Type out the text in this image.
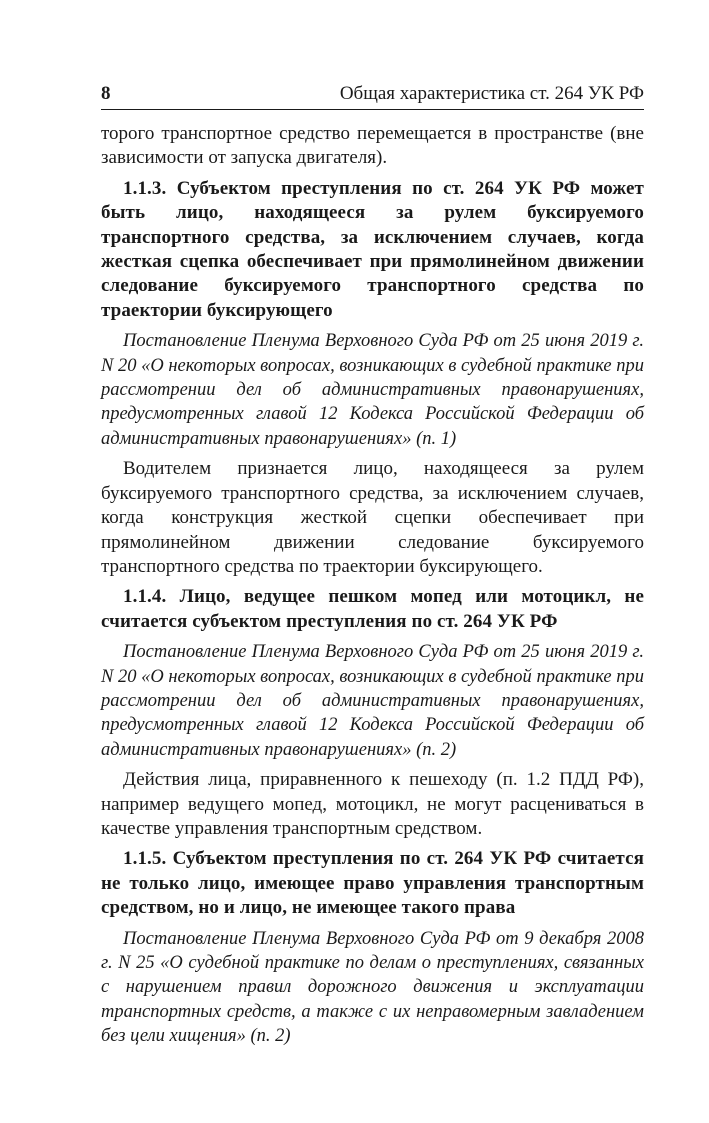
8	Общая характеристика ст. 264 УК РФ

торого транспортное средство перемещается в пространстве (вне зависимости от запуска двигателя).

1.1.3. Субъектом преступления по ст. 264 УК РФ может быть лицо, находящееся за рулем буксируемого транспортного средства, за исключением случаев, когда жесткая сцепка обеспечивает при прямолинейном движении следование буксируемого транспортного средства по траектории буксирующего

Постановление Пленума Верховного Суда РФ от 25 июня 2019 г. N 20 «О некоторых вопросах, возникающих в судебной практике при рассмотрении дел об административных правонарушениях, предусмотренных главой 12 Кодекса Российской Федерации об административных правонарушениях» (п. 1)

Водителем признается лицо, находящееся за рулем буксируемого транспортного средства, за исключением случаев, когда конструкция жесткой сцепки обеспечивает при прямолинейном движении следование буксируемого транспортного средства по траектории буксирующего.

1.1.4. Лицо, ведущее пешком мопед или мотоцикл, не считается субъектом преступления по ст. 264 УК РФ

Постановление Пленума Верховного Суда РФ от 25 июня 2019 г. N 20 «О некоторых вопросах, возникающих в судебной практике при рассмотрении дел об административных правонарушениях, предусмотренных главой 12 Кодекса Российской Федерации об административных правонарушениях» (п. 2)

Действия лица, приравненного к пешеходу (п. 1.2 ПДД РФ), например ведущего мопед, мотоцикл, не могут расцениваться в качестве управления транспортным средством.

1.1.5. Субъектом преступления по ст. 264 УК РФ считается не только лицо, имеющее право управления транспортным средством, но и лицо, не имеющее такого права

Постановление Пленума Верховного Суда РФ от 9 декабря 2008 г. N 25 «О судебной практике по делам о преступлениях, связанных с нарушением правил дорожного движения и эксплуатации транспортных средств, а также с их неправомерным завладением без цели хищения» (п. 2)
